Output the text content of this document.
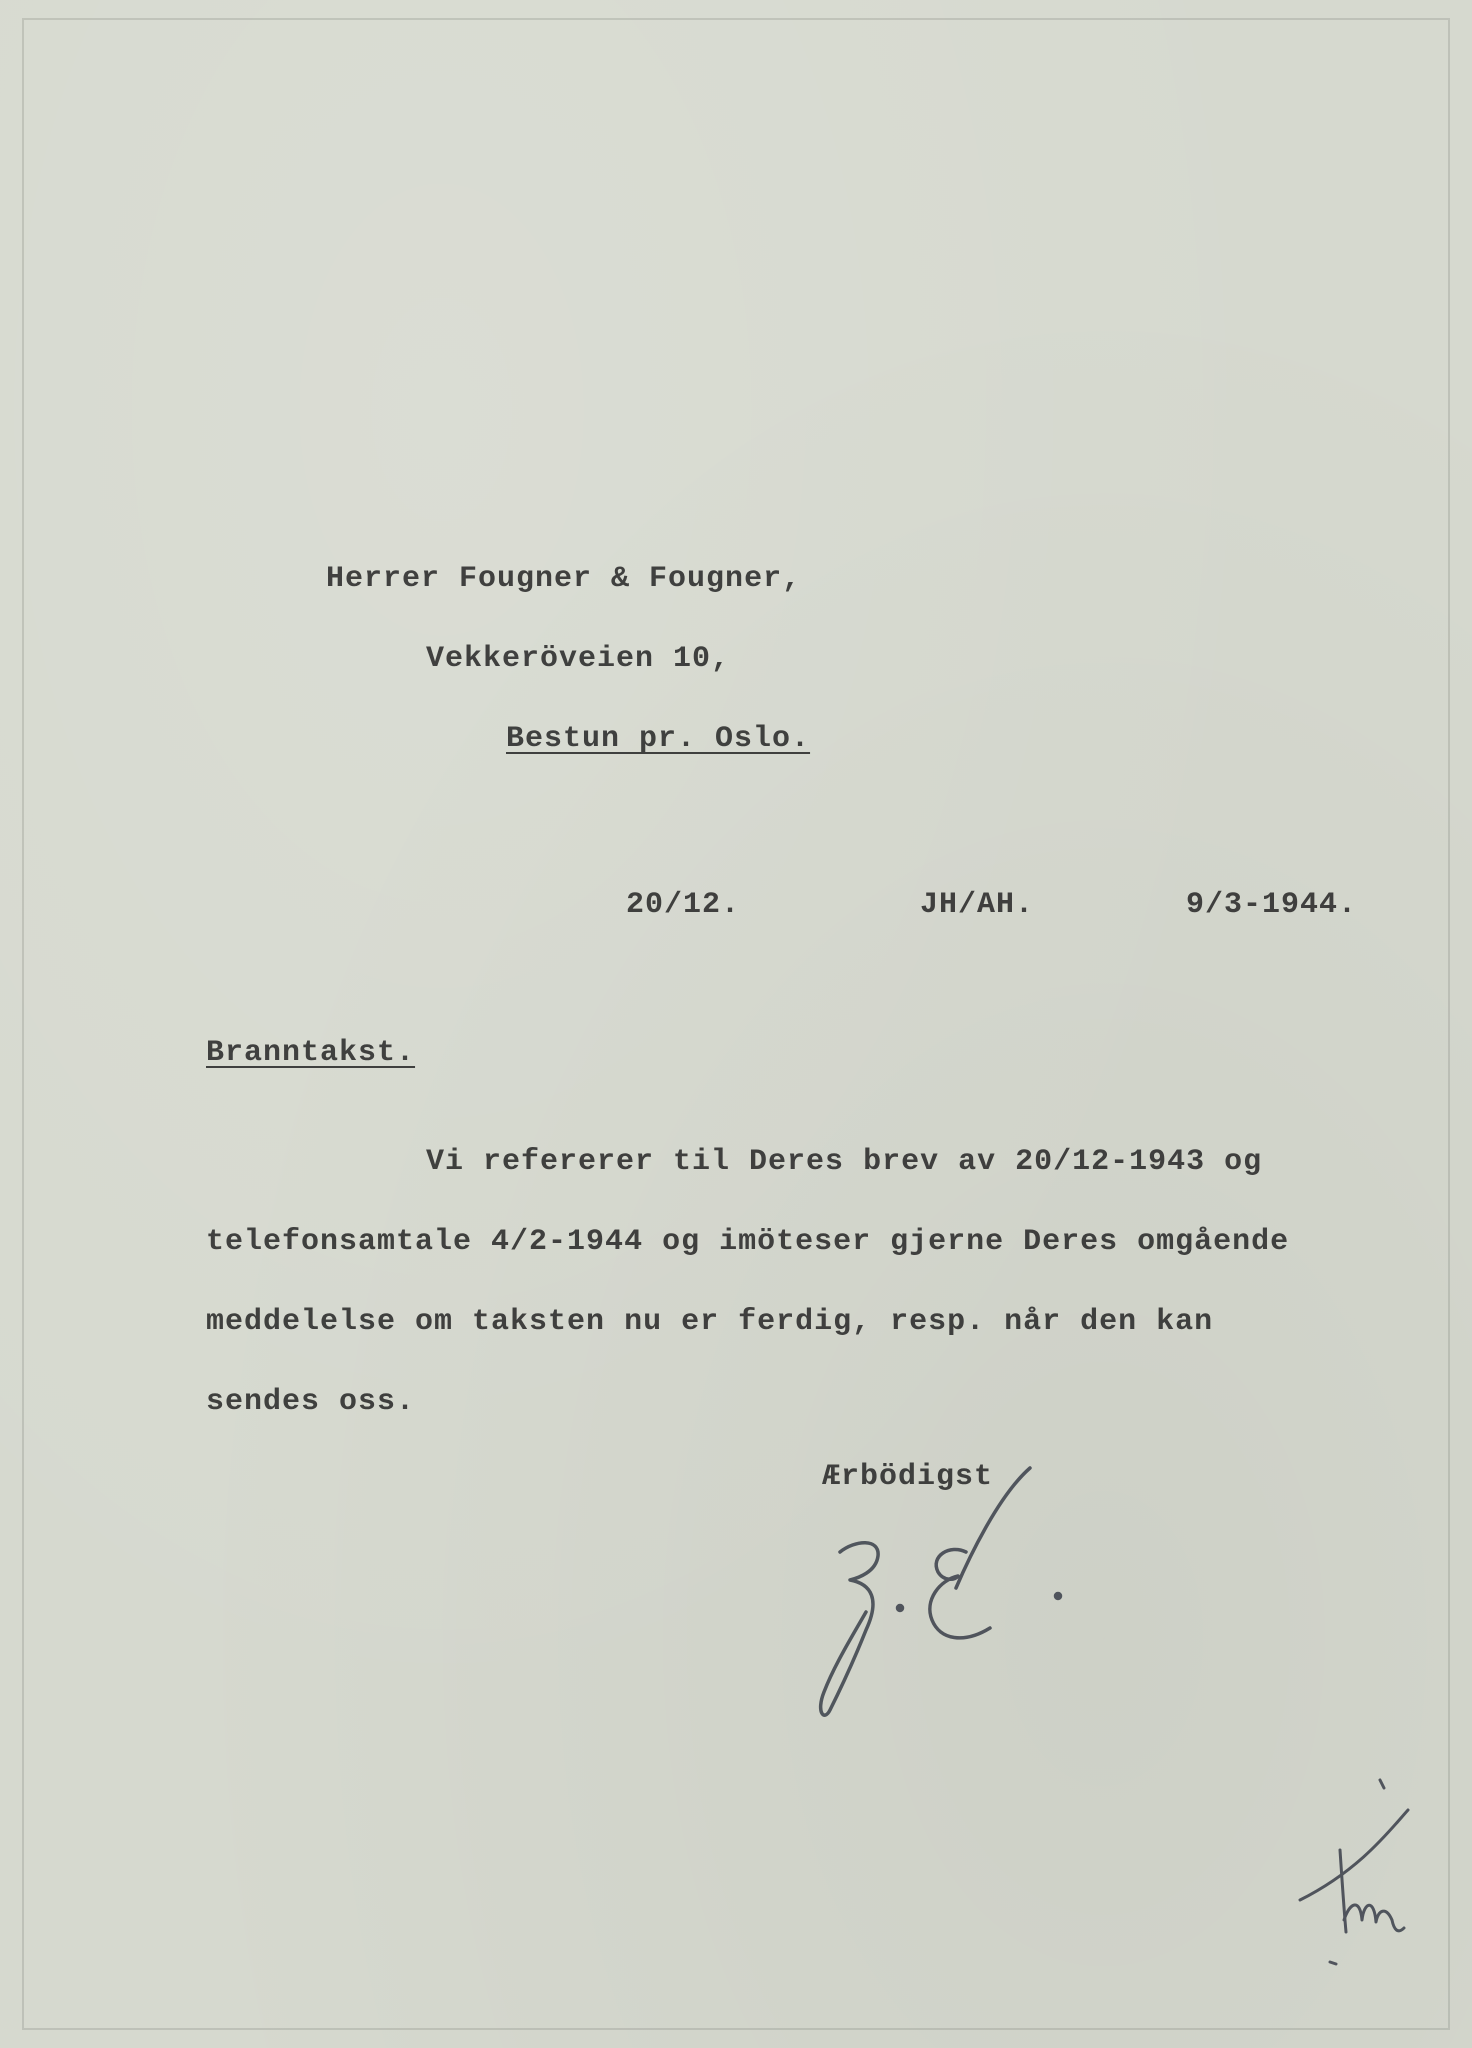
Herrer Fougner & Fougner,
Vekkeröveien 10,
Bestun pr. Oslo.
20/12.	JH/AH.	9/3-1944.
Branntakst.
Vi refererer til Deres brev av 20/12-1943 og
telefonsamtale 4/2-1944 og imöteser gjerne Deres omgående
meddelelse om taksten nu er ferdig, resp. når den kan
sendes oss.
Ærbödigst
